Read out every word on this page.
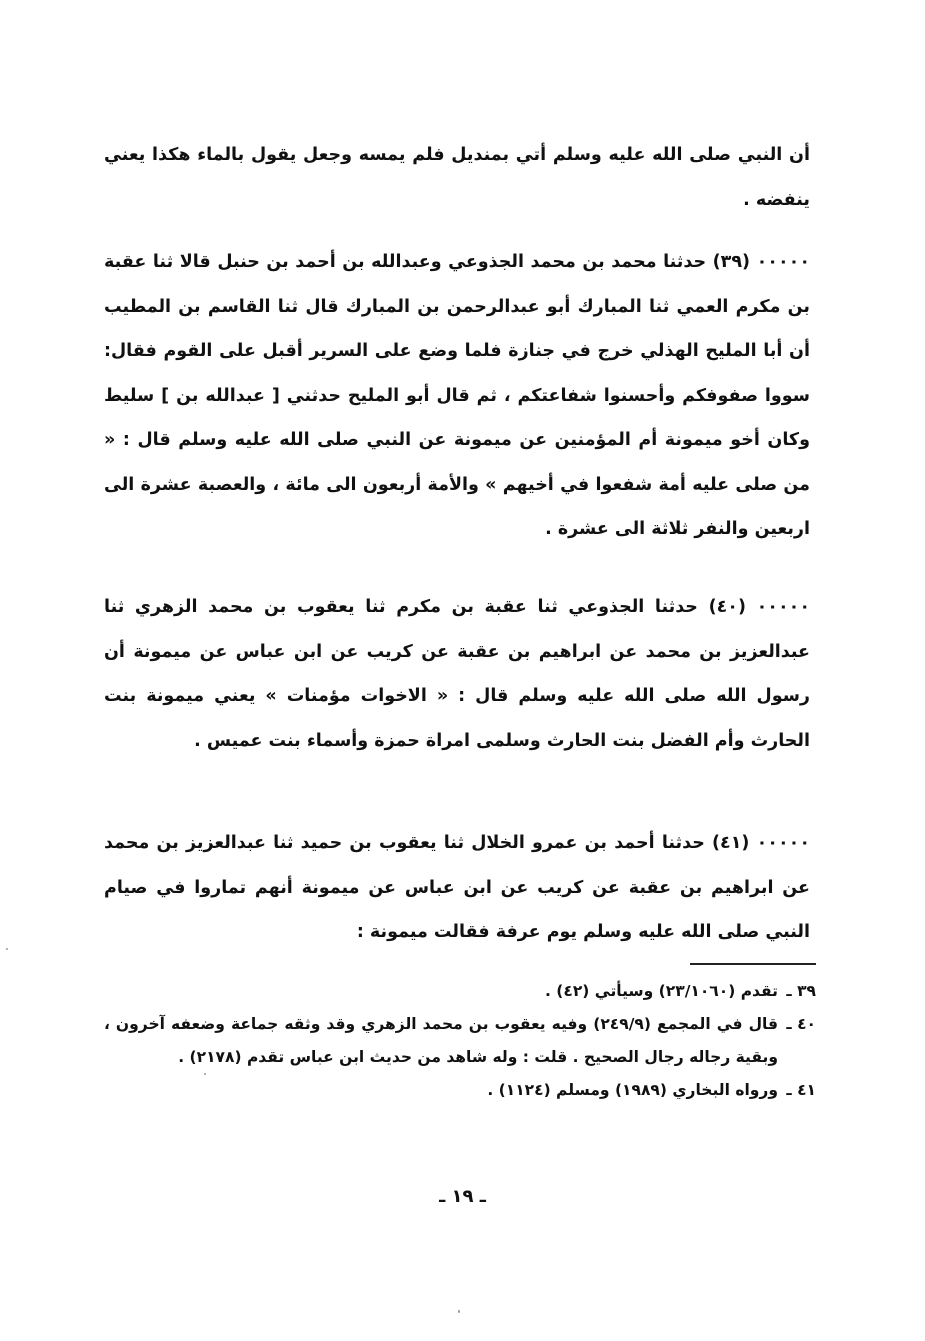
أن النبي صلى الله عليه وسلم أتي بمنديل فلم يمسه وجعل يقول بالماء هكذا يعني ينفضه .

٠٠٠٠٠ (٣٩) حدثنا محمد بن محمد الجذوعي وعبدالله بن أحمد بن حنبل قالا ثنا عقبة بن مكرم العمي ثنا المبارك أبو عبدالرحمن بن المبارك قال ثنا القاسم بن المطيب أن أبا المليح الهذلي خرج في جنازة فلما وضع على السرير أقبل على القوم فقال: سووا صفوفكم وأحسنوا شفاعتكم ، ثم قال أبو المليح حدثني [ عبدالله بن ] سليط وكان أخو ميمونة أم المؤمنين عن ميمونة عن النبي صلى الله عليه وسلم قال : « من صلى عليه أمة شفعوا في أخيهم » والأمة أربعون الى مائة ، والعصبة عشرة الى اربعين والنفر ثلاثة الى عشرة .

٠٠٠٠٠ (٤٠) حدثنا الجذوعي ثنا عقبة بن مكرم ثنا يعقوب بن محمد الزهري ثنا عبدالعزيز بن محمد عن ابراهيم بن عقبة عن كريب عن ابن عباس عن ميمونة أن رسول الله صلى الله عليه وسلم قال : « الاخوات مؤمنات » يعني ميمونة بنت الحارث وأم الفضل بنت الحارث وسلمى امراة حمزة وأسماء بنت عميس .

٠٠٠٠٠ (٤١) حدثنا أحمد بن عمرو الخلال ثنا يعقوب بن حميد ثنا عبدالعزيز بن محمد عن ابراهيم بن عقبة عن كريب عن ابن عباس عن ميمونة أنهم تماروا في صيام النبي صلى الله عليه وسلم يوم عرفة فقالت ميمونة :

٣٩ ـ
تقدم (٢٣/١٠٦٠) وسيأتي (٤٢) .

٤٠ ـ
قال في المجمع (٢٤٩/٩) وفيه يعقوب بن محمد الزهري وقد وثقه جماعة وضعفه آخرون ، وبقية رجاله رجال الصحيح . قلت : وله شاهد من حديث ابن عباس تقدم (٢١٧٨) .

٤١ ـ
ورواه البخاري (١٩٨٩) ومسلم (١١٢٤) .

ـ ١٩ ـ
